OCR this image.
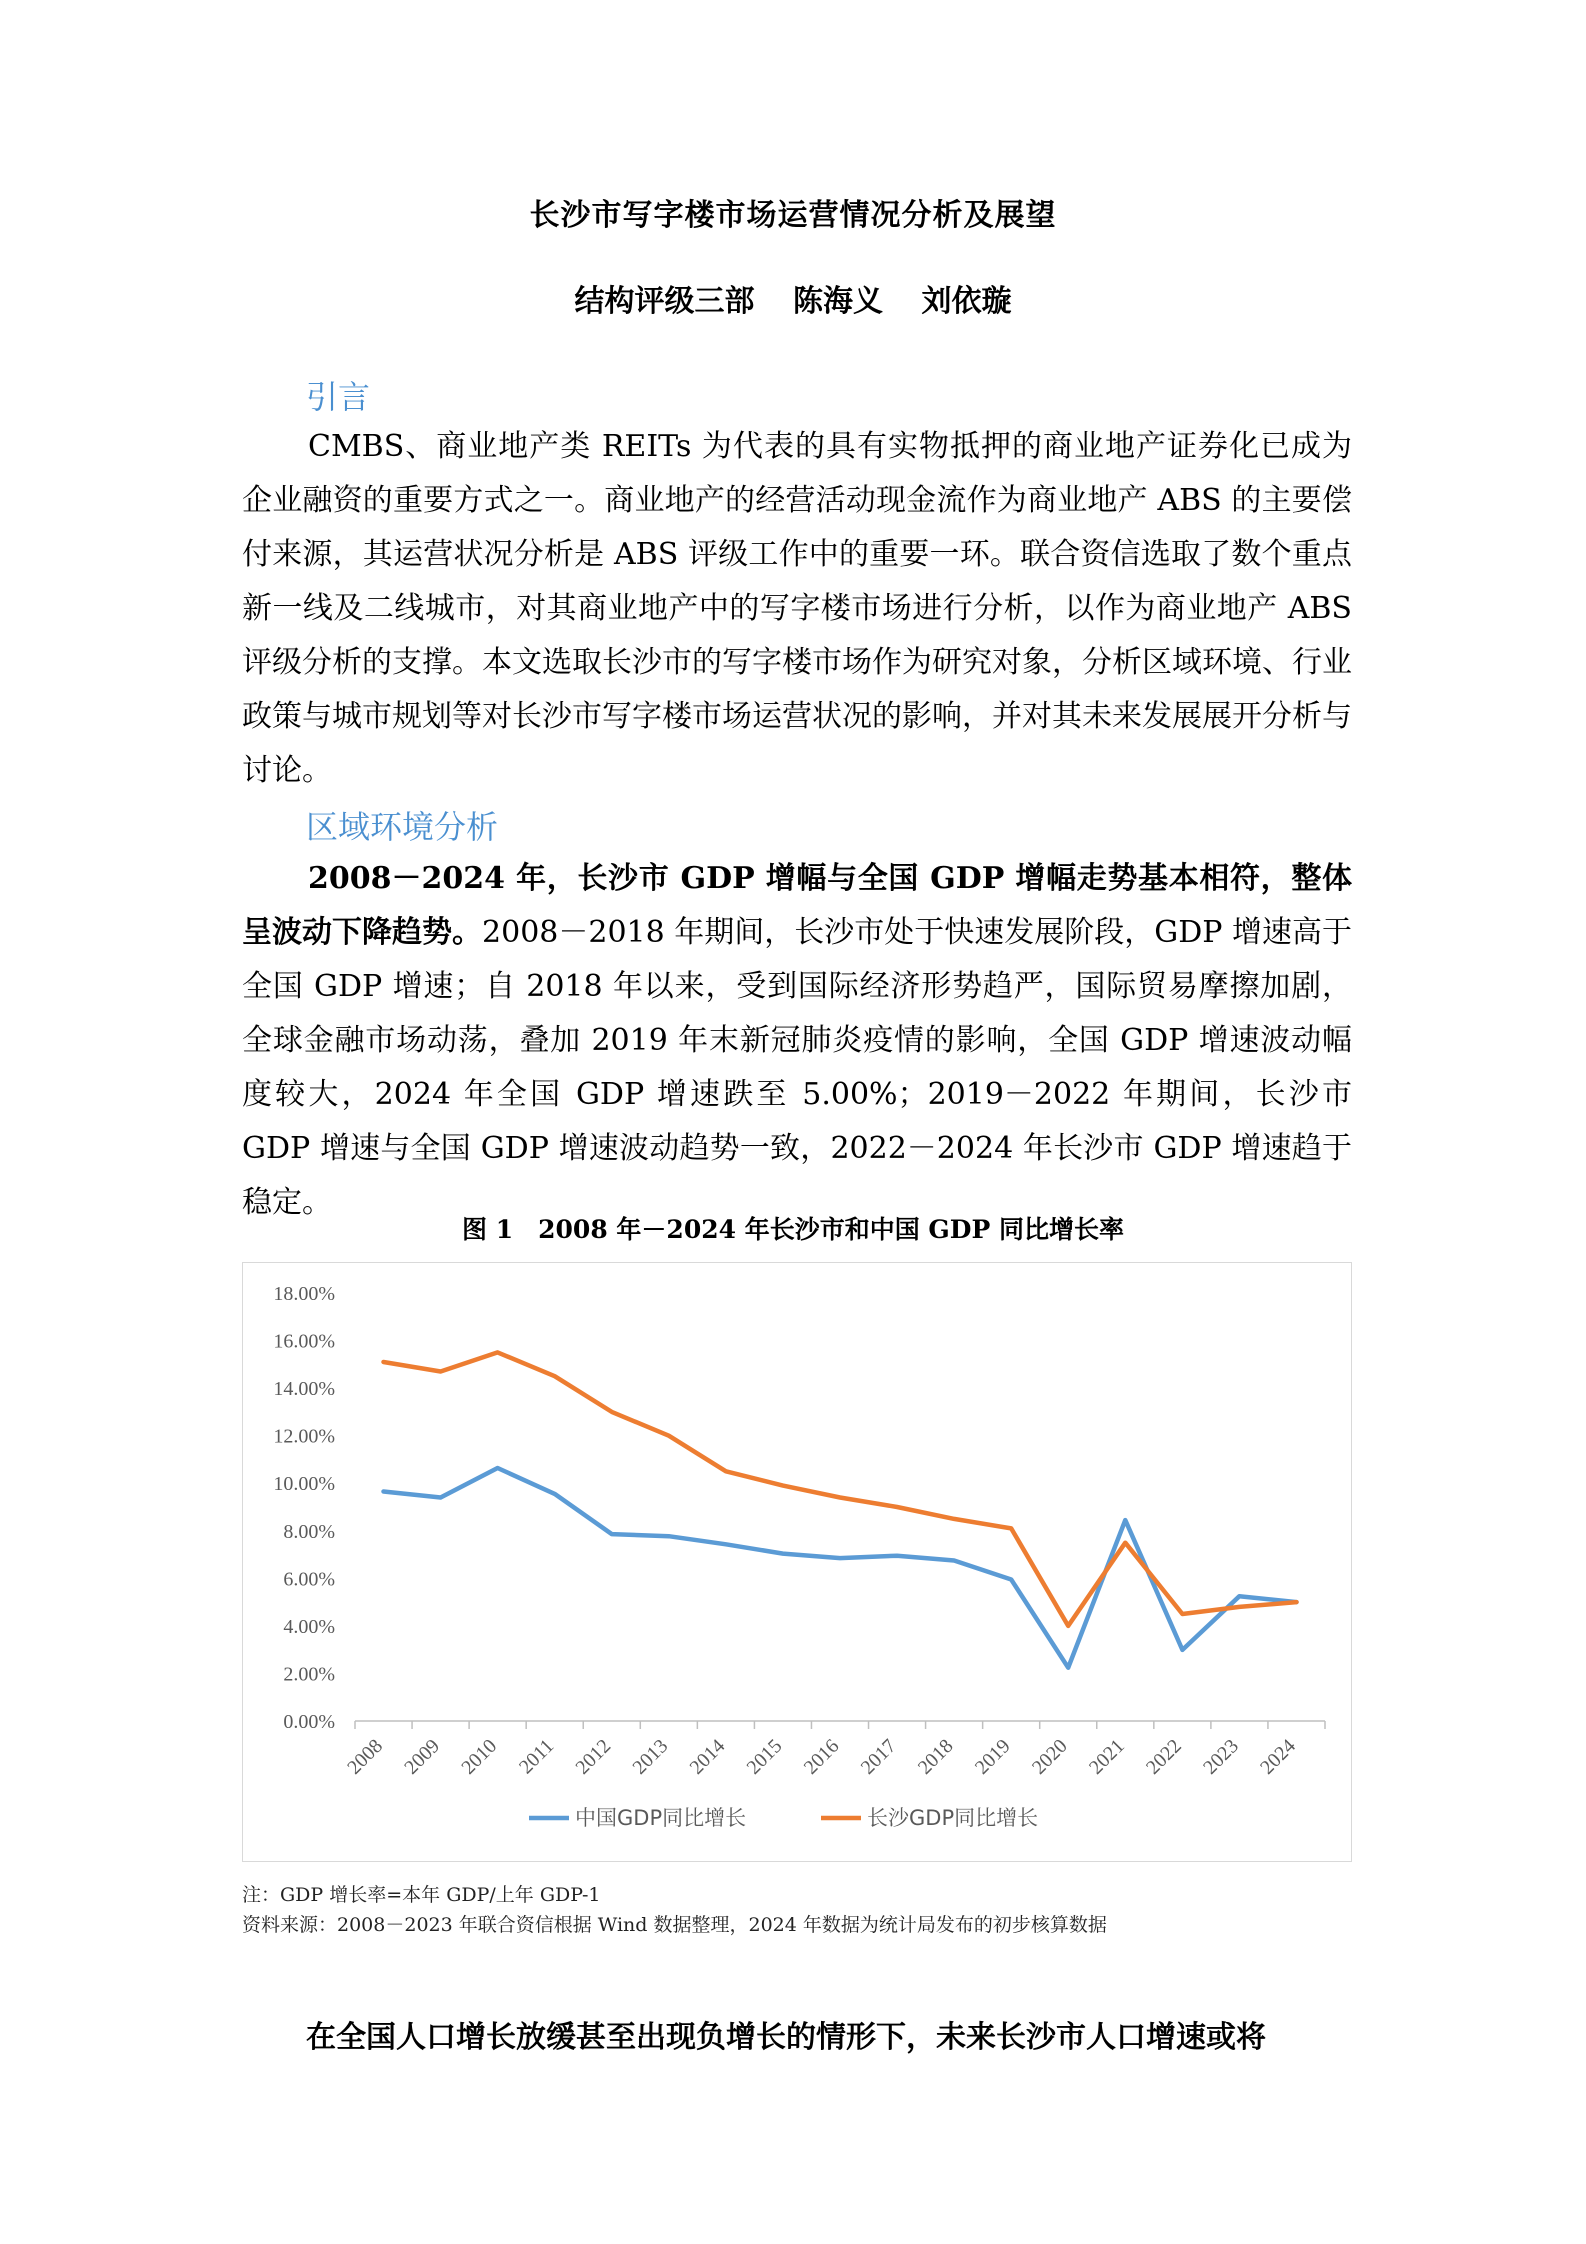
长沙市写字楼市场运营情况分析及展望
结构评级三部 陈海义 刘依璇
引言

CMBS、商业地产类 REITs 为代表的具有实物抵押的商业地产证券化已成为企业融资的重要方式之一。商业地产的经营活动现金流作为商业地产 ABS 的主要偿付来源，其运营状况分析是 ABS 评级工作中的重要一环。联合资信选取了数个重点新一线及二线城市，对其商业地产中的写字楼市场进行分析，以作为商业地产 ABS 评级分析的支撑。本文选取长沙市的写字楼市场作为研究对象，分析区域环境、行业政策与城市规划等对长沙市写字楼市场运营状况的影响，并对其未来发展展开分析与讨论。

区域环境分析

2008－2024 年，长沙市 GDP 增幅与全国 GDP 增幅走势基本相符，整体呈波动下降趋势。2008－2018 年期间，长沙市处于快速发展阶段，GDP 增速高于全国 GDP 增速；自 2018 年以来，受到国际经济形势趋严，国际贸易摩擦加剧，全球金融市场动荡，叠加 2019 年末新冠肺炎疫情的影响，全国 GDP 增速波动幅度较大，2024 年全国 GDP 增速跌至 5.00%；2019－2022 年期间，长沙市 GDP 增速与全国 GDP 增速波动趋势一致，2022－2024 年长沙市 GDP 增速趋于稳定。

图 1　2008 年－2024 年长沙市和中国 GDP 同比增长率
0.00%
2.00%
4.00%
6.00%
8.00%
10.00%
12.00%
14.00%
16.00%
18.00%
2008 2009 2010 2011 2012 2013 2014 2015 2016 2017 2018 2019 2020 2021 2022 2023 2024
中国GDP同比增长	长沙GDP同比增长
注：GDP 增长率=本年 GDP/上年 GDP-1
资料来源：2008－2023 年联合资信根据 Wind 数据整理，2024 年数据为统计局发布的初步核算数据
在全国人口增长放缓甚至出现负增长的情形下，未来长沙市人口增速或将
